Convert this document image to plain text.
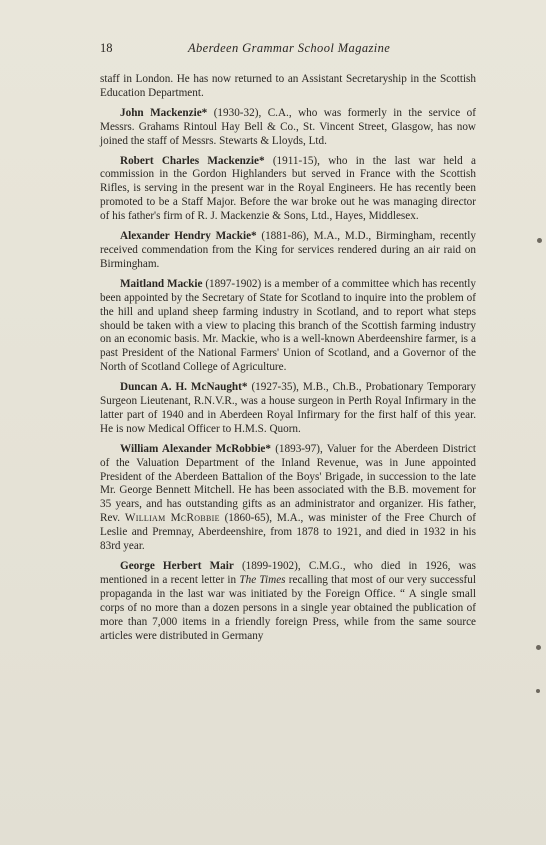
18	Aberdeen Grammar School Magazine

staff in London. He has now returned to an Assistant Secretaryship in the Scottish Education Department.

John Mackenzie* (1930-32), C.A., who was formerly in the service of Messrs. Grahams Rintoul Hay Bell & Co., St. Vincent Street, Glasgow, has now joined the staff of Messrs. Stewarts & Lloyds, Ltd.

Robert Charles Mackenzie* (1911-15), who in the last war held a commission in the Gordon Highlanders but served in France with the Scottish Rifles, is serving in the present war in the Royal Engineers. He has recently been promoted to be a Staff Major. Before the war broke out he was managing director of his father's firm of R. J. Mackenzie & Sons, Ltd., Hayes, Middlesex.

Alexander Hendry Mackie* (1881-86), M.A., M.D., Birmingham, recently received commendation from the King for services rendered during an air raid on Birmingham.

Maitland Mackie (1897-1902) is a member of a committee which has recently been appointed by the Secretary of State for Scotland to inquire into the problem of the hill and upland sheep farming industry in Scotland, and to report what steps should be taken with a view to placing this branch of the Scottish farming industry on an economic basis. Mr. Mackie, who is a well-known Aberdeenshire farmer, is a past President of the National Farmers' Union of Scotland, and a Governor of the North of Scotland College of Agriculture.

Duncan A. H. McNaught* (1927-35), M.B., Ch.B., Probationary Temporary Surgeon Lieutenant, R.N.V.R., was a house surgeon in Perth Royal Infirmary in the latter part of 1940 and in Aberdeen Royal Infirmary for the first half of this year. He is now Medical Officer to H.M.S. Quorn.

William Alexander McRobbie* (1893-97), Valuer for the Aberdeen District of the Valuation Department of the Inland Revenue, was in June appointed President of the Aberdeen Battalion of the Boys' Brigade, in succession to the late Mr. George Bennett Mitchell. He has been associated with the B.B. movement for 35 years, and has outstanding gifts as an administrator and organizer. His father, Rev. William McRobbie (1860-65), M.A., was minister of the Free Church of Leslie and Premnay, Aberdeenshire, from 1878 to 1921, and died in 1932 in his 83rd year.

George Herbert Mair (1899-1902), C.M.G., who died in 1926, was mentioned in a recent letter in The Times recalling that most of our very successful propaganda in the last war was initiated by the Foreign Office. “ A single small corps of no more than a dozen persons in a single year obtained the publication of more than 7,000 items in a friendly foreign Press, while from the same source articles were distributed in Germany
